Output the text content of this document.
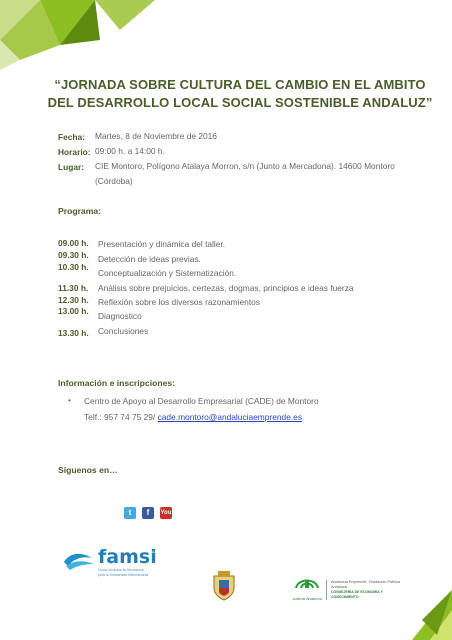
“JORNADA SOBRE CULTURA DEL CAMBIO EN EL AMBITO
DEL DESARROLLO LOCAL SOCIAL SOSTENIBLE ANDALUZ”
Fecha: Martes, 8 de Noviembre de 2016
Horario: 09:00 h. a 14:00 h.
Lugar: CIE Montoro, Polígono Atalaya Morron, s/n (Junto a Mercadona). 14600 Montoro
(Córdoba)
Programa:
09.00 h.
09.30 h.
10.30 h.
11.30 h.
12.30 h.
13.00 h.
13.30 h.
Presentación y dinámica del taller.
Detección de ideas previas.
Conceptualización y Sistematización.
Análisis sobre prejuicios, certezas, dogmas, principios e ideas fuerza
Reflexión sobre los diversos razonamientos
Diagnostico
Conclusiones
Información e inscripciones:
• Centro de Apoyo al Desarrollo Empresarial (CADE) de Montoro
Telf.: 957 74 75 29/ cade.montoro@andaluciaemprende.es
Síguenos en…
t	f	You
famsi
Fondo Andaluz de Municipios
para la Solidaridad Internacional
Junta de Andalucía
Andalucía Emprende, Fundación Pública Andaluza
CONSEJERÍA DE ECONOMÍA Y CONOCIMIENTO
